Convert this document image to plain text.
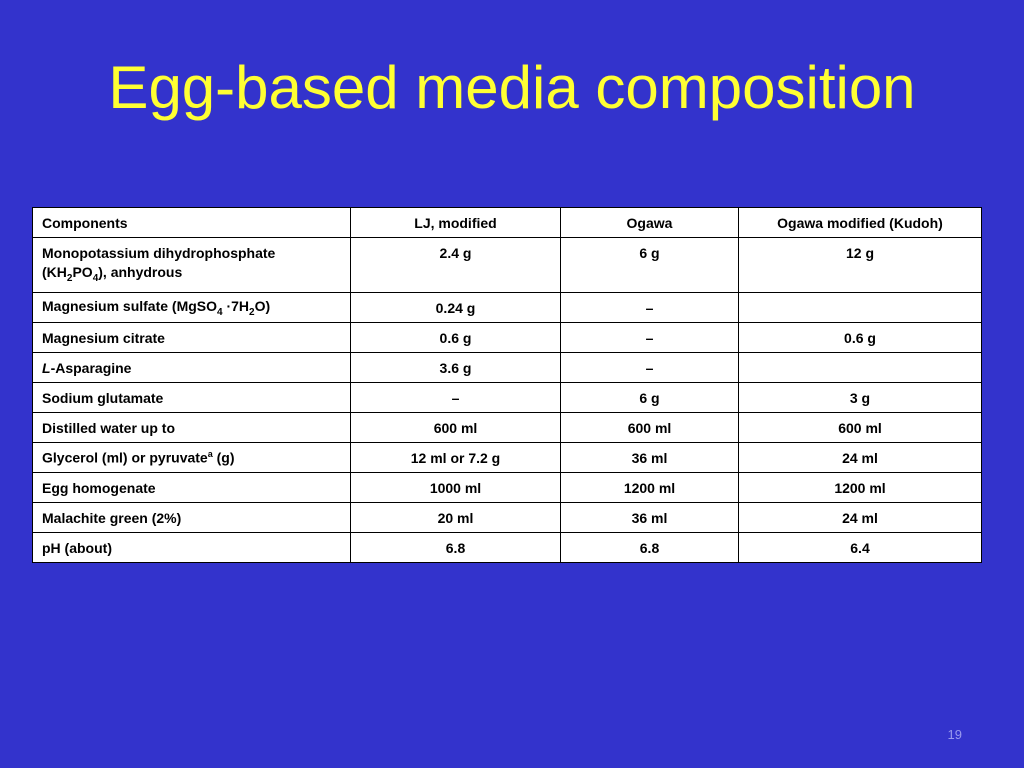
Egg-based media composition
Components	LJ, modified	Ogawa	Ogawa modified (Kudoh)
Monopotassium dihydrophosphate
$(KH_2PO_4)$, anhydrous	2.4 g	6 g	12 g
Magnesium sulfate (MgSO$_4$ $\cdot 7H_2O$)	0.24 g	–	
Magnesium citrate	0.6 g	–	0.6 g
L-Asparagine	3.6 g	–	
Sodium glutamate	–	6 g	3 g
Distilled water up to	600 ml	600 ml	600 ml
Glycerol (ml) or pyruvate$^a$ (g)	12 ml or 7.2 g	36 ml	24 ml
Egg homogenate	1000 ml	1200 ml	1200 ml
Malachite green (2%)	20 ml	36 ml	24 ml
pH (about)	6.8	6.8	6.4
19
